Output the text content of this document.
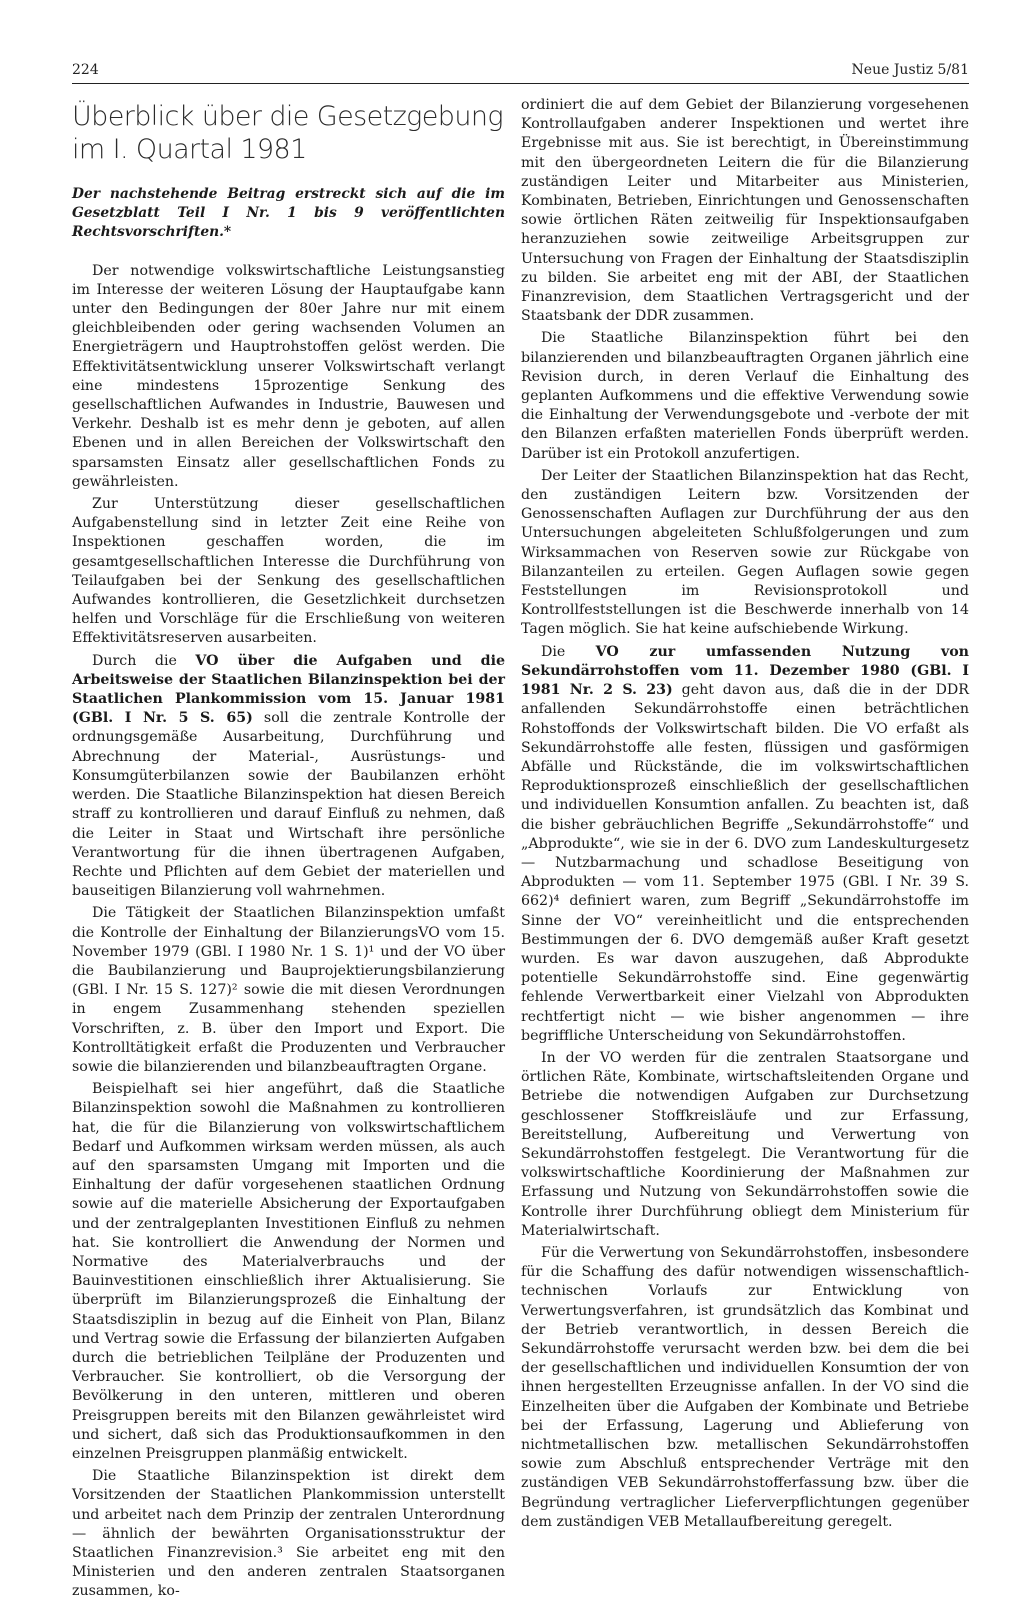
224	Neue Justiz 5/81
Überblick über die Gesetzgebung
im I. Quartal 1981

Der nachstehende Beitrag erstreckt sich auf die im Gesetzblatt Teil I Nr. 1 bis 9 veröffentlichten Rechtsvorschriften.*

Der notwendige volkswirtschaftliche Leistungsanstieg im Interesse der weiteren Lösung der Hauptaufgabe kann unter den Bedingungen der 80er Jahre nur mit einem gleichbleibenden oder gering wachsenden Volumen an Energieträgern und Hauptrohstoffen gelöst werden. Die Effektivitätsentwicklung unserer Volkswirtschaft verlangt eine mindestens 15prozentige Senkung des gesellschaftlichen Aufwandes in Industrie, Bauwesen und Verkehr. Deshalb ist es mehr denn je geboten, auf allen Ebenen und in allen Bereichen der Volkswirtschaft den sparsamsten Einsatz aller gesellschaftlichen Fonds zu gewährleisten.

Zur Unterstützung dieser gesellschaftlichen Aufgabenstellung sind in letzter Zeit eine Reihe von Inspektionen geschaffen worden, die im gesamtgesellschaftlichen Interesse die Durchführung von Teilaufgaben bei der Senkung des gesellschaftlichen Aufwandes kontrollieren, die Gesetzlichkeit durchsetzen helfen und Vorschläge für die Erschließung von weiteren Effektivitätsreserven ausarbeiten.

Durch die VO über die Aufgaben und die Arbeitsweise der Staatlichen Bilanzinspektion bei der Staatlichen Plankommission vom 15. Januar 1981 (GBl. I Nr. 5 S. 65) soll die zentrale Kontrolle der ordnungsgemäße Ausarbeitung, Durchführung und Abrechnung der Material-, Ausrüstungs- und Konsumgüterbilanzen sowie der Baubilanzen erhöht werden. Die Staatliche Bilanzinspektion hat diesen Bereich straff zu kontrollieren und darauf Einfluß zu nehmen, daß die Leiter in Staat und Wirtschaft ihre persönliche Verantwortung für die ihnen übertragenen Aufgaben, Rechte und Pflichten auf dem Gebiet der materiellen und bauseitigen Bilanzierung voll wahrnehmen.

Die Tätigkeit der Staatlichen Bilanzinspektion umfaßt die Kontrolle der Einhaltung der BilanzierungsVO vom 15. November 1979 (GBl. I 1980 Nr. 1 S. 1)¹ und der VO über die Baubilanzierung und Bauprojektierungsbilanzierung (GBl. I Nr. 15 S. 127)² sowie die mit diesen Verordnungen in engem Zusammenhang stehenden speziellen Vorschriften, z. B. über den Import und Export. Die Kontrolltätigkeit erfaßt die Produzenten und Verbraucher sowie die bilanzierenden und bilanzbeauftragten Organe.

Beispielhaft sei hier angeführt, daß die Staatliche Bilanzinspektion sowohl die Maßnahmen zu kontrollieren hat, die für die Bilanzierung von volkswirtschaftlichem Bedarf und Aufkommen wirksam werden müssen, als auch auf den sparsamsten Umgang mit Importen und die Einhaltung der dafür vorgesehenen staatlichen Ordnung sowie auf die materielle Absicherung der Exportaufgaben und der zentralgeplanten Investitionen Einfluß zu nehmen hat. Sie kontrolliert die Anwendung der Normen und Normative des Materialverbrauchs und der Bauinvestitionen einschließlich ihrer Aktualisierung. Sie überprüft im Bilanzierungsprozeß die Einhaltung der Staatsdisziplin in bezug auf die Einheit von Plan, Bilanz und Vertrag sowie die Erfassung der bilanzierten Aufgaben durch die betrieblichen Teilpläne der Produzenten und Verbraucher. Sie kontrolliert, ob die Versorgung der Bevölkerung in den unteren, mittleren und oberen Preisgruppen bereits mit den Bilanzen gewährleistet wird und sichert, daß sich das Produktionsaufkommen in den einzelnen Preisgruppen planmäßig entwickelt.

Die Staatliche Bilanzinspektion ist direkt dem Vorsitzenden der Staatlichen Plankommission unterstellt und arbeitet nach dem Prinzip der zentralen Unterordnung — ähnlich der bewährten Organisationsstruktur der Staatlichen Finanzrevision.³ Sie arbeitet eng mit den Ministerien und den anderen zentralen Staatsorganen zusammen, ko-

ordiniert die auf dem Gebiet der Bilanzierung vorgesehenen Kontrollaufgaben anderer Inspektionen und wertet ihre Ergebnisse mit aus. Sie ist berechtigt, in Übereinstimmung mit den übergeordneten Leitern die für die Bilanzierung zuständigen Leiter und Mitarbeiter aus Ministerien, Kombinaten, Betrieben, Einrichtungen und Genossenschaften sowie örtlichen Räten zeitweilig für Inspektionsaufgaben heranzuziehen sowie zeitweilige Arbeitsgruppen zur Untersuchung von Fragen der Einhaltung der Staatsdisziplin zu bilden. Sie arbeitet eng mit der ABI, der Staatlichen Finanzrevision, dem Staatlichen Vertragsgericht und der Staatsbank der DDR zusammen.

Die Staatliche Bilanzinspektion führt bei den bilanzierenden und bilanzbeauftragten Organen jährlich eine Revision durch, in deren Verlauf die Einhaltung des geplanten Aufkommens und die effektive Verwendung sowie die Einhaltung der Verwendungsgebote und -verbote der mit den Bilanzen erfaßten materiellen Fonds überprüft werden. Darüber ist ein Protokoll anzufertigen.

Der Leiter der Staatlichen Bilanzinspektion hat das Recht, den zuständigen Leitern bzw. Vorsitzenden der Genossenschaften Auflagen zur Durchführung der aus den Untersuchungen abgeleiteten Schlußfolgerungen und zum Wirksammachen von Reserven sowie zur Rückgabe von Bilanzanteilen zu erteilen. Gegen Auflagen sowie gegen Feststellungen im Revisionsprotokoll und Kontrollfeststellungen ist die Beschwerde innerhalb von 14 Tagen möglich. Sie hat keine aufschiebende Wirkung.

Die VO zur umfassenden Nutzung von Sekundärrohstoffen vom 11. Dezember 1980 (GBl. I 1981 Nr. 2 S. 23) geht davon aus, daß die in der DDR anfallenden Sekundärrohstoffe einen beträchtlichen Rohstoffonds der Volkswirtschaft bilden. Die VO erfaßt als Sekundärrohstoffe alle festen, flüssigen und gasförmigen Abfälle und Rückstände, die im volkswirtschaftlichen Reproduktionsprozeß einschließlich der gesellschaftlichen und individuellen Konsumtion anfallen. Zu beachten ist, daß die bisher gebräuchlichen Begriffe „Sekundärrohstoffe“ und „Abprodukte“, wie sie in der 6. DVO zum Landeskulturgesetz — Nutzbarmachung und schadlose Beseitigung von Abprodukten — vom 11. September 1975 (GBl. I Nr. 39 S. 662)⁴ definiert waren, zum Begriff „Sekundärrohstoffe im Sinne der VO“ vereinheitlicht und die entsprechenden Bestimmungen der 6. DVO demgemäß außer Kraft gesetzt wurden. Es war davon auszugehen, daß Abprodukte potentielle Sekundärrohstoffe sind. Eine gegenwärtig fehlende Verwertbarkeit einer Vielzahl von Abprodukten rechtfertigt nicht — wie bisher angenommen — ihre begriffliche Unterscheidung von Sekundärrohstoffen.

In der VO werden für die zentralen Staatsorgane und örtlichen Räte, Kombinate, wirtschaftsleitenden Organe und Betriebe die notwendigen Aufgaben zur Durchsetzung geschlossener Stoffkreisläufe und zur Erfassung, Bereitstellung, Aufbereitung und Verwertung von Sekundärrohstoffen festgelegt. Die Verantwortung für die volkswirtschaftliche Koordinierung der Maßnahmen zur Erfassung und Nutzung von Sekundärrohstoffen sowie die Kontrolle ihrer Durchführung obliegt dem Ministerium für Materialwirtschaft.

Für die Verwertung von Sekundärrohstoffen, insbesondere für die Schaffung des dafür notwendigen wissenschaftlich-technischen Vorlaufs zur Entwicklung von Verwertungsverfahren, ist grundsätzlich das Kombinat und der Betrieb verantwortlich, in dessen Bereich die Sekundärrohstoffe verursacht werden bzw. bei dem die bei der gesellschaftlichen und individuellen Konsumtion der von ihnen hergestellten Erzeugnisse anfallen. In der VO sind die Einzelheiten über die Aufgaben der Kombinate und Betriebe bei der Erfassung, Lagerung und Ablieferung von nichtmetallischen bzw. metallischen Sekundärrohstoffen sowie zum Abschluß entsprechender Verträge mit den zuständigen VEB Sekundärrohstofferfassung bzw. über die Begründung vertraglicher Lieferverpflichtungen gegenüber dem zuständigen VEB Metallaufbereitung geregelt.
